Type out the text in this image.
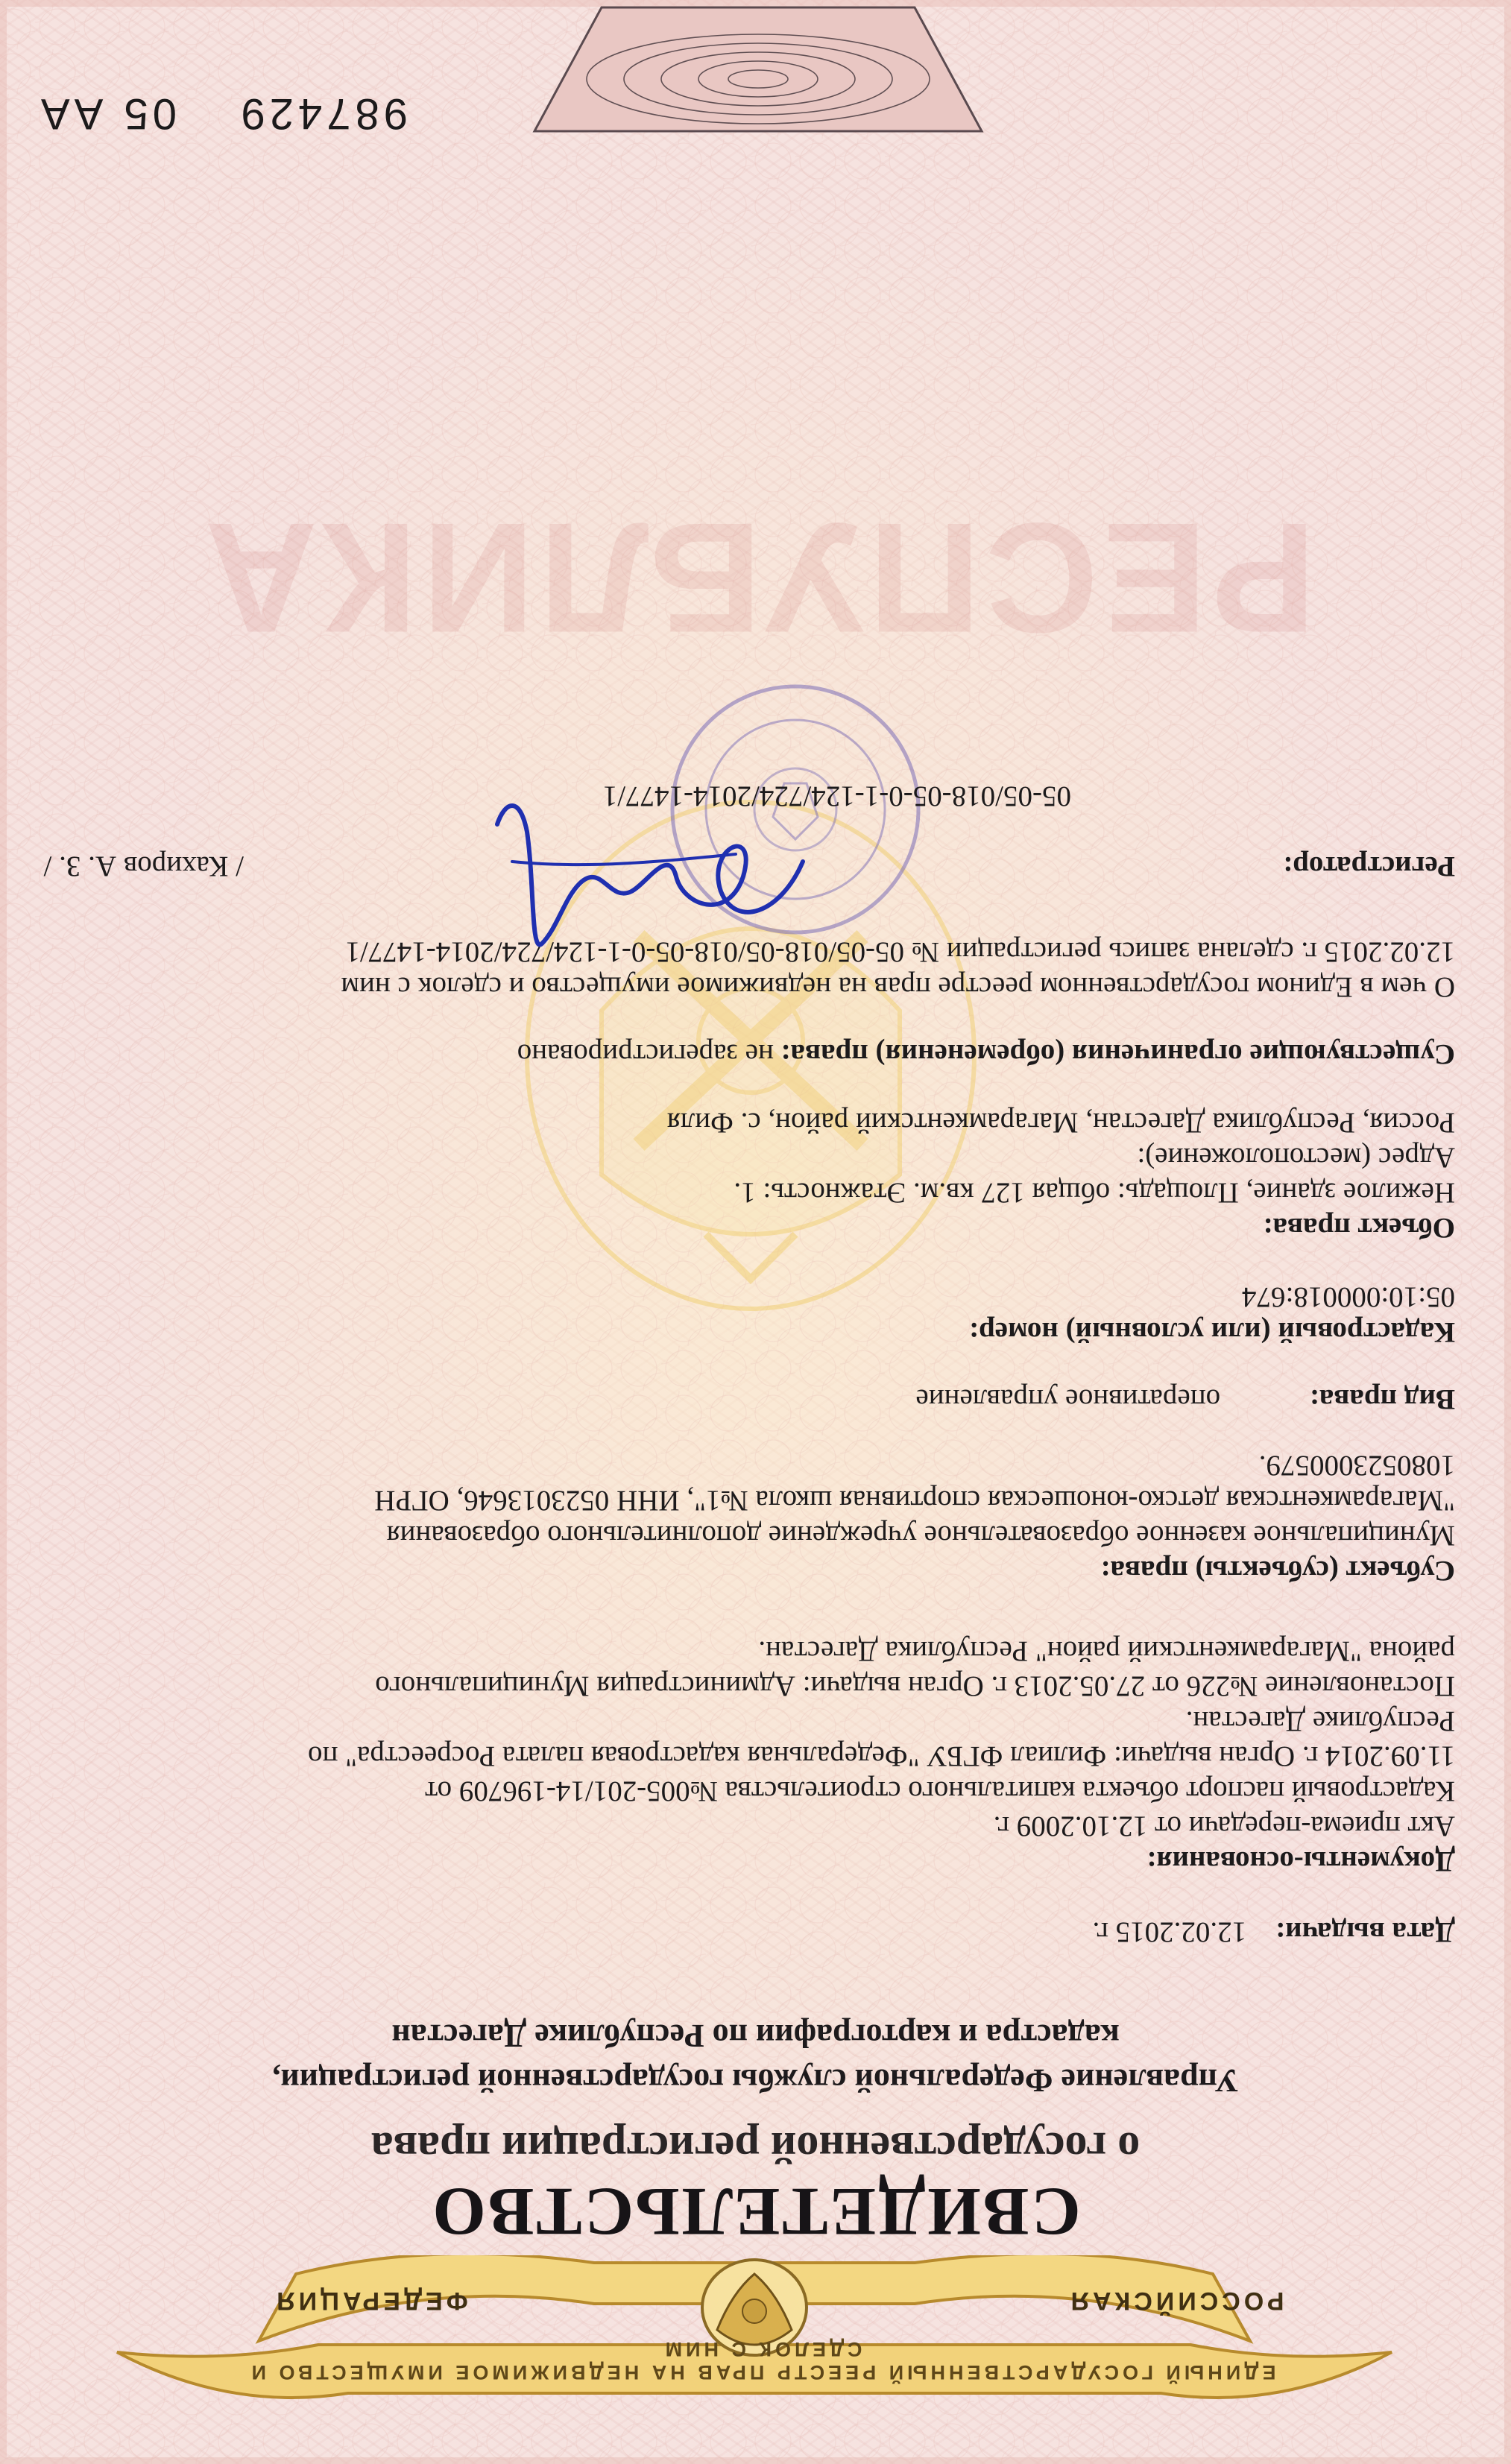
РЕСПУБЛИКА
ЕДИНЫЙ ГОСУДАРСТВЕННЫЙ РЕЕСТР ПРАВ НА НЕДВИЖИМОЕ ИМУЩЕСТВО И СДЕЛОК С НИМ
РОССИЙСКАЯ
ФЕДЕРАЦИЯ
СВИДЕТЕЛЬСТВО
о государственной регистрации права
Управление Федеральной службы государственной регистрации,
кадастра и картографии по Республике Дагестан
Дата выдачи:    12.02.2015 г.
Документы-основания:
Акт приема-передачи от 12.10.2009 г.
Кадастровый паспорт объекта капитального строительства №005-201/14-196709 от
11.09.2014 г. Орган выдачи: Филиал ФГБУ "Федеральная кадастровая палата Росреестра" по
Республике Дагестан.
Постановление №226 от 27.05.2013 г. Орган выдачи: Администрация Муниципального
района "Магарамкентский район" Республика Дагестан.
Субъект (субъекты) права:
Муниципальное казенное образовательное учреждение дополнительного образования
"Магарамкентская детско-юношеская спортивная школа №1", ИНН 0523013646, ОГРН
1080523000579.
Вид права: оперативное управление
Кадастровый (или условный) номер:
05:10:000018:674
Объект права:
Нежилое здание, Площадь: общая 127 кв.м. Этажность: 1.
Адрес (местоположение):
Россия, Республика Дагестан, Магарамкентский район, с. Филя
Существующие ограничения (обременения) права: не зарегистрировано
О чем в Едином государственном реестре прав на недвижимое имущество и сделок с ним
12.02.2015 г. сделана запись регистрации № 05-05/018-05/018-05-0-1-124/724/2014-1477/1
Регистратор:
/ Кахиров А. З. /
05-05/018-05-0-1-124/724/2014-1477/1
987429
05 АА
